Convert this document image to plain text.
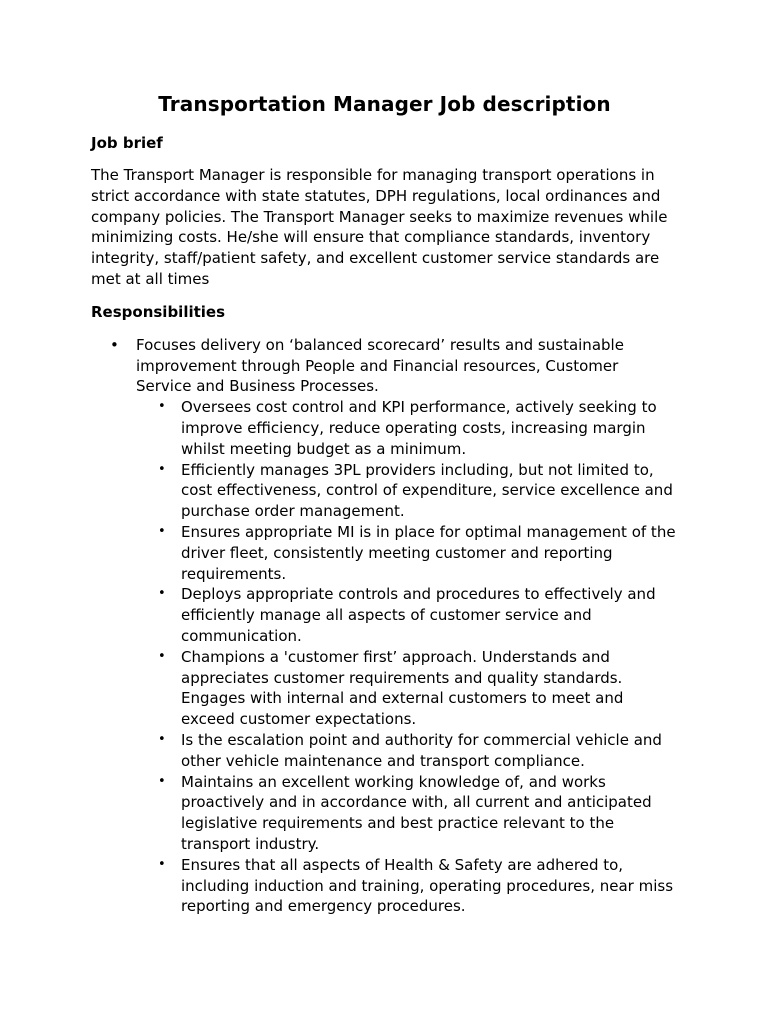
Transportation Manager Job description
Job brief

The Transport Manager is responsible for managing transport operations in strict accordance with state statutes, DPH regulations, local ordinances and company policies. The Transport Manager seeks to maximize revenues while minimizing costs. He/she will ensure that compliance standards, inventory integrity, staff/patient safety, and excellent customer service standards are met at all times

Responsibilities
• Focuses delivery on ‘balanced scorecard’ results and sustainable improvement through People and Financial resources, Customer Service and Business Processes.
• Oversees cost control and KPI performance, actively seeking to improve efficiency, reduce operating costs, increasing margin whilst meeting budget as a minimum.
• Efficiently manages 3PL providers including, but not limited to, cost effectiveness, control of expenditure, service excellence and purchase order management.
• Ensures appropriate MI is in place for optimal management of the driver fleet, consistently meeting customer and reporting requirements.
• Deploys appropriate controls and procedures to effectively and efficiently manage all aspects of customer service and communication.
• Champions a 'customer first’ approach. Understands and appreciates customer requirements and quality standards. Engages with internal and external customers to meet and exceed customer expectations.
• Is the escalation point and authority for commercial vehicle and other vehicle maintenance and transport compliance.
• Maintains an excellent working knowledge of, and works proactively and in accordance with, all current and anticipated legislative requirements and best practice relevant to the transport industry.
• Ensures that all aspects of Health & Safety are adhered to, including induction and training, operating procedures, near miss reporting and emergency procedures.
